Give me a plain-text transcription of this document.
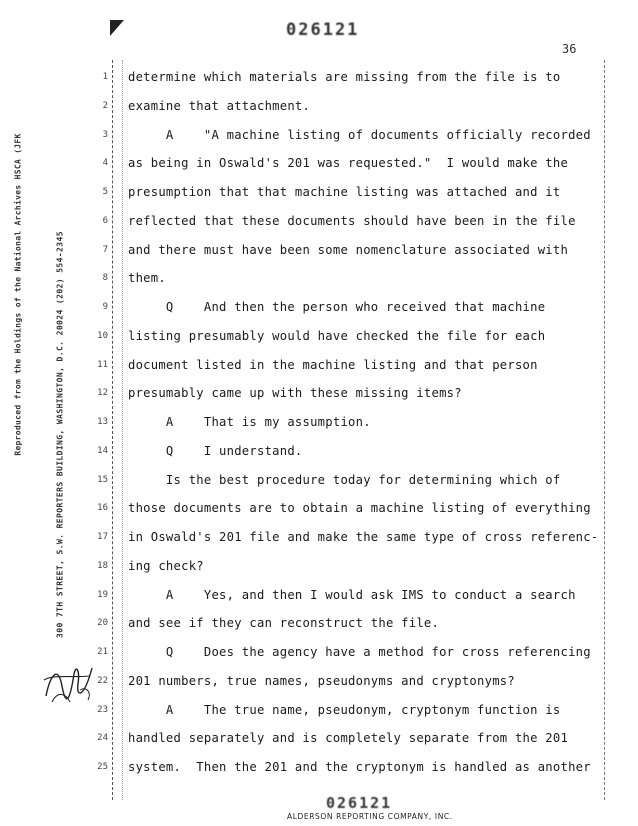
Reproduced from the Holdings of the National Archives HSCA (JFK	300 7TH STREET, S.W. REPORTERS BUILDING, WASHINGTON, D.C. 20024 (202) 554-2345
026121
36
1
2
3
4
5
6
7
8
9
10
11
12
13
14
15
16
17
18
19
20
21
22
23
24
25
determine which materials are missing from the file is to
examine that attachment.
A    "A machine listing of documents officially recorded
as being in Oswald's 201 was requested."  I would make the
presumption that that machine listing was attached and it
reflected that these documents should have been in the file
and there must have been some nomenclature associated with
them.
Q    And then the person who received that machine
listing presumably would have checked the file for each
document listed in the machine listing and that person
presumably came up with these missing items?
A    That is my assumption.
Q    I understand.
Is the best procedure today for determining which of
those documents are to obtain a machine listing of everything
in Oswald's 201 file and make the same type of cross referenc-
ing check?
A    Yes, and then I would ask IMS to conduct a search
and see if they can reconstruct the file.
Q    Does the agency have a method for cross referencing
201 numbers, true names, pseudonyms and cryptonyms?
A    The true name, pseudonym, cryptonym function is
handled separately and is completely separate from the 201
system.  Then the 201 and the cryptonym is handled as another
026121
ALDERSON REPORTING COMPANY, INC.
